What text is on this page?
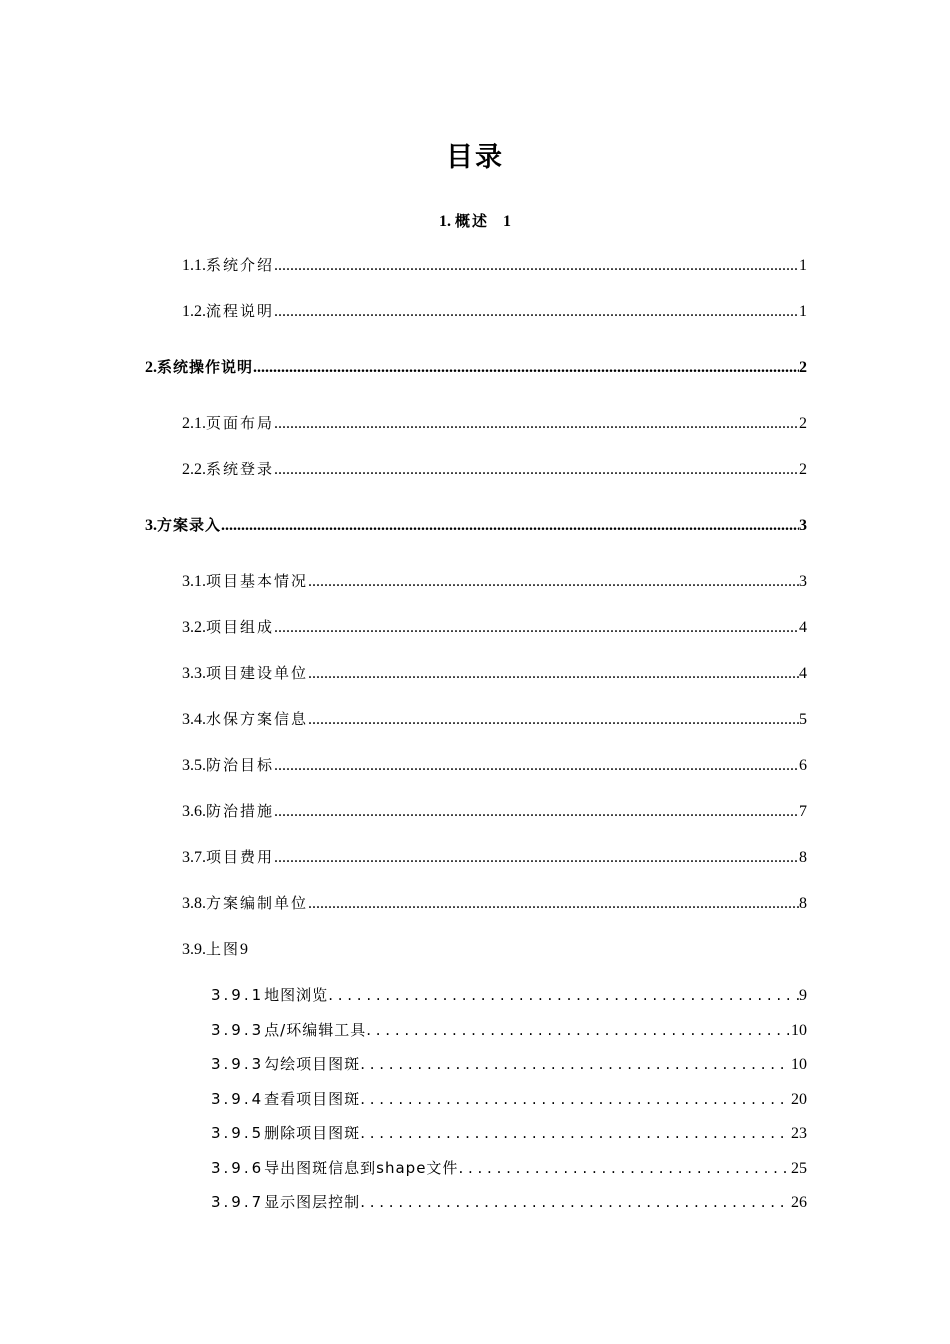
目录
1. 概述 1
1.1. 系统介绍 .....	1
1.2. 流程说明 .....	1
2. 系统操作说明 .....	2
2.1. 页面布局 .....	2
2.2. 系统登录 .....	2
3. 方案录入 .....	3
3.1. 项目基本情况 .....	3
3.2. 项目组成 .....	4
3.3. 项目建设单位 .....	4
3.4. 水保方案信息 .....	5
3.5. 防治目标 .....	6
3.6. 防治措施 .....	7
3.7. 项目费用 .....	8
3.8. 方案编制单位 .....	8
3.9. 上图 9
3.9.1 地图浏览 . . .	9
3.9.3 点/环编辑工具 . . .	10
3.9.3 勾绘项目图斑 . . .	10
3.9.4 查看项目图斑 . . .	20
3.9.5 删除项目图斑 . . .	23
3.9.6 导出图斑信息到shape文件 . . .	25
3.9.7 显示图层控制 . . .	26
